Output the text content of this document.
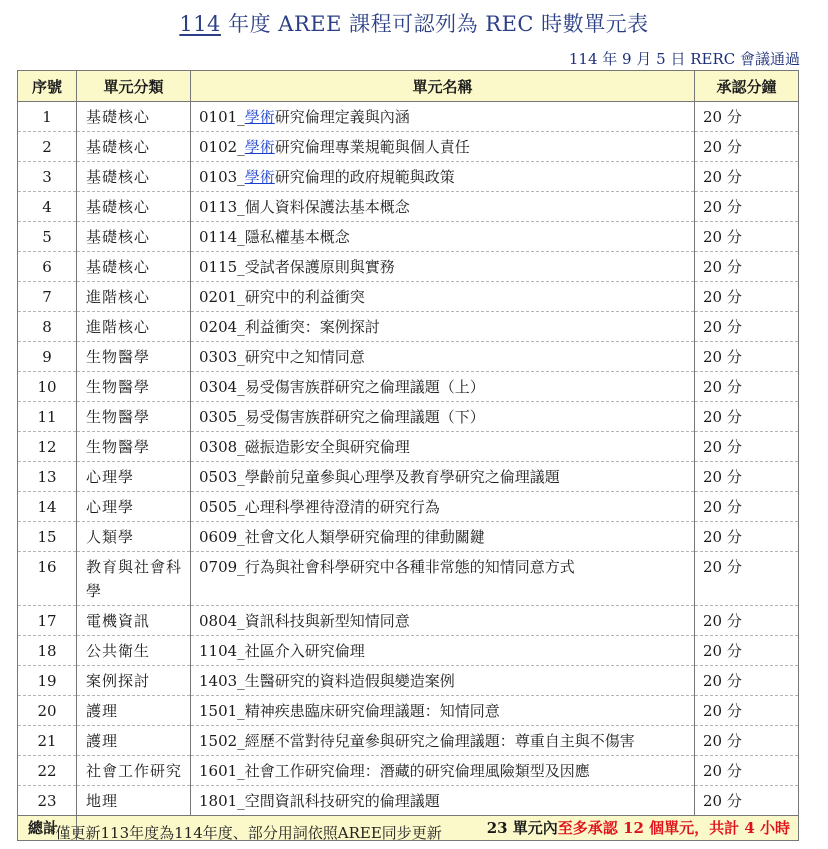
114 年度 AREE 課程可認列為 REC 時數單元表
114 年 9 月 5 日 RERC 會議通過
序號	單元分類	單元名稱	承認分鐘
1	基礎核心	0101_學術研究倫理定義與內涵	20 分
2	基礎核心	0102_學術研究倫理專業規範與個人責任	20 分
3	基礎核心	0103_學術研究倫理的政府規範與政策	20 分
4	基礎核心	0113_個人資料保護法基本概念	20 分
5	基礎核心	0114_隱私權基本概念	20 分
6	基礎核心	0115_受試者保護原則與實務	20 分
7	進階核心	0201_研究中的利益衝突	20 分
8	進階核心	0204_利益衝突：案例探討	20 分
9	生物醫學	0303_研究中之知情同意	20 分
10	生物醫學	0304_易受傷害族群研究之倫理議題（上）	20 分
11	生物醫學	0305_易受傷害族群研究之倫理議題（下）	20 分
12	生物醫學	0308_磁振造影安全與研究倫理	20 分
13	心理學	0503_學齡前兒童參與心理學及教育學研究之倫理議題	20 分
14	心理學	0505_心理科學裡待澄清的研究行為	20 分
15	人類學	0609_社會文化人類學研究倫理的律動關鍵	20 分
16	教育與社會科學	0709_行為與社會科學研究中各種非常態的知情同意方式	20 分
17	電機資訊	0804_資訊科技與新型知情同意	20 分
18	公共衛生	1104_社區介入研究倫理	20 分
19	案例探討	1403_生醫研究的資料造假與變造案例	20 分
20	護理	1501_精神疾患臨床研究倫理議題：知情同意	20 分
21	護理	1502_經歷不當對待兒童參與研究之倫理議題：尊重自主與不傷害	20 分
22	社會工作研究	1601_社會工作研究倫理：潛藏的研究倫理風險類型及因應	20 分
23	地理	1801_空間資訊科技研究的倫理議題	20 分
總計	23 單元內至多承認 12 個單元，共計 4 小時		
*僅更新113年度為114年度、部分用詞依照AREE同步更新
